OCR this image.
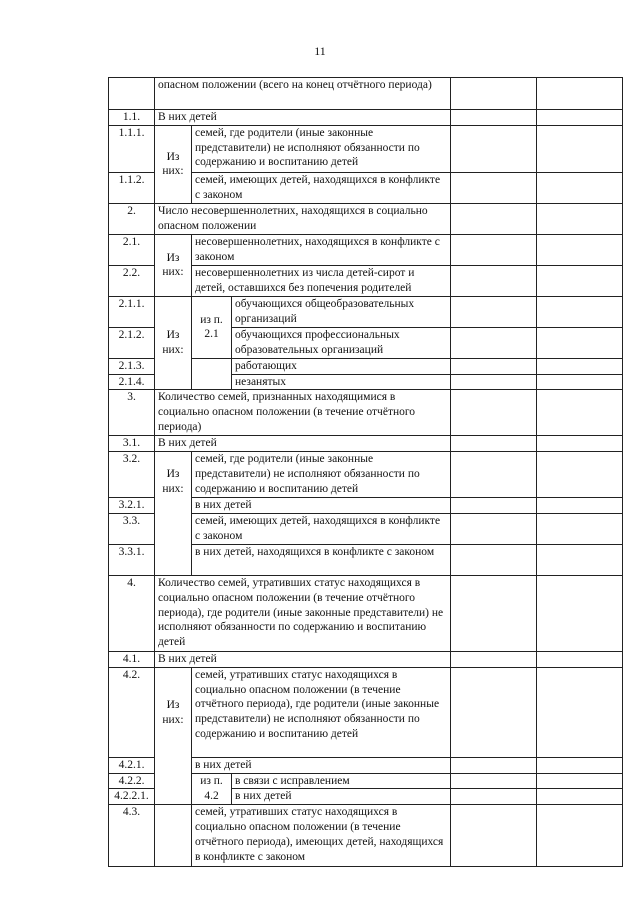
11
	опасном положении (всего на конец отчётного периода)				
1.1.	В них детей				
1.1.1.	Из них:	семей, где родители (иные законные представители) не исполняют обязанности по содержанию и воспитанию детей			
1.1.2.		семей, имеющих детей, находящихся в конфликте с законом			
2.	Число несовершеннолетних, находящихся в социально опасном положении				
2.1.	Из них:	несовершеннолетних, находящихся в конфликте с законом			
2.2.		несовершеннолетних из числа детей-сирот и детей, оставшихся без попечения родителей			
2.1.1.	Из них:	из п. 2.1	обучающихся общеобразовательных организаций		
2.1.2.			обучающихся профессиональных образовательных организаций		
2.1.3.			работающих		
2.1.4.			незанятых		
3.	Количество семей, признанных находящимися в социально опасном положении (в течение отчётного периода)				
3.1.	В них детей				
3.2.	Из них:	семей, где родители (иные законные представители) не исполняют обязанности по содержанию и воспитанию детей			
3.2.1.		в них детей			
3.3.		семей, имеющих детей, находящихся в конфликте с законом			
3.3.1.		в них детей, находящихся в конфликте с законом			
4.	Количество семей, утративших статус находящихся в социально опасном положении (в течение отчётного периода), где родители (иные законные представители) не исполняют обязанности по содержанию и воспитанию детей				
4.1.	В них детей				
4.2.	Из них:	семей, утративших статус находящихся в социально опасном положении (в течение отчётного периода), где родители (иные законные представители) не исполняют обязанности по содержанию и воспитанию детей			
4.2.1.		в них детей			
4.2.2.		из п. 4.2	в связи с исправлением		
4.2.2.1.			в них детей		
4.3.		семей, утративших статус находящихся в социально опасном положении (в течение отчётного периода), имеющих детей, находящихся в конфликте с законом			
